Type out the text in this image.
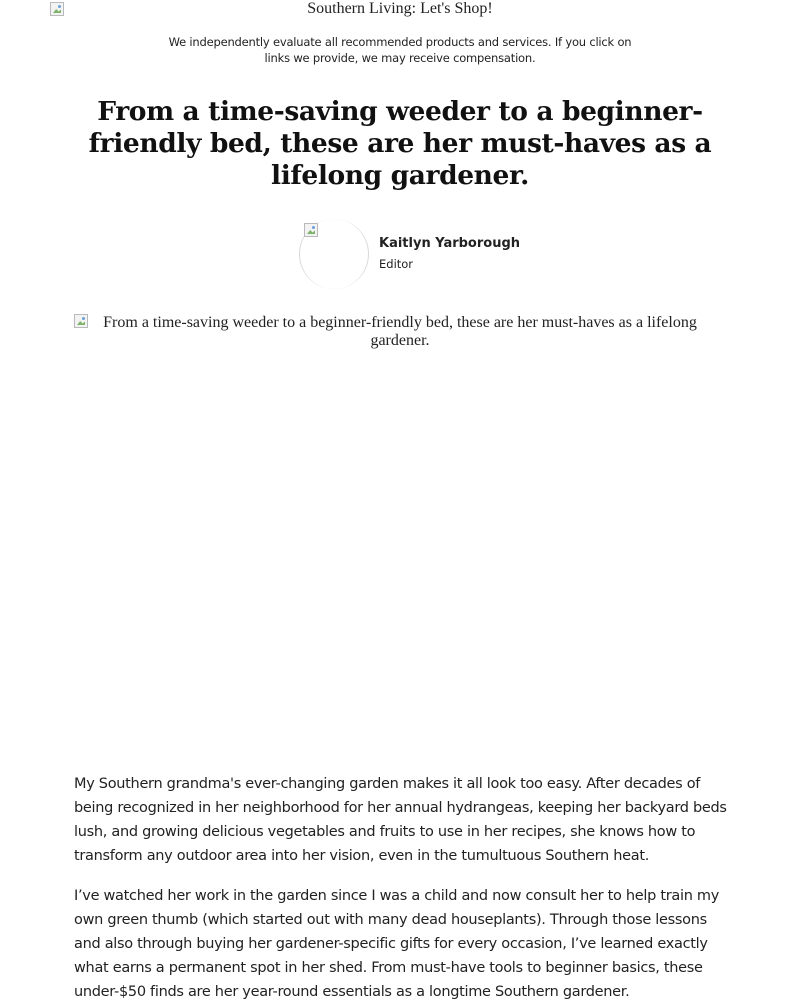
Southern Living: Let's Shop!
We independently evaluate all recommended products and services. If you click on links we provide, we may receive compensation.
From a time-saving weeder to a beginner-friendly bed, these are her must-haves as a lifelong gardener.
Kaitlyn Yarborough
Editor
From a time-saving weeder to a beginner-friendly bed, these are her must-haves as a lifelong gardener.

My Southern grandma's ever-changing garden makes it all look too easy. After decades of being recognized in her neighborhood for her annual hydrangeas, keeping her backyard beds lush, and growing delicious vegetables and fruits to use in her recipes, she knows how to transform any outdoor area into her vision, even in the tumultuous Southern heat.

I’ve watched her work in the garden since I was a child and now consult her to help train my own green thumb (which started out with many dead houseplants). Through those lessons and also through buying her gardener-specific gifts for every occasion, I’ve learned exactly what earns a permanent spot in her shed. From must-have tools to beginner basics, these under-$50 finds are her year-round essentials as a longtime Southern gardener.
